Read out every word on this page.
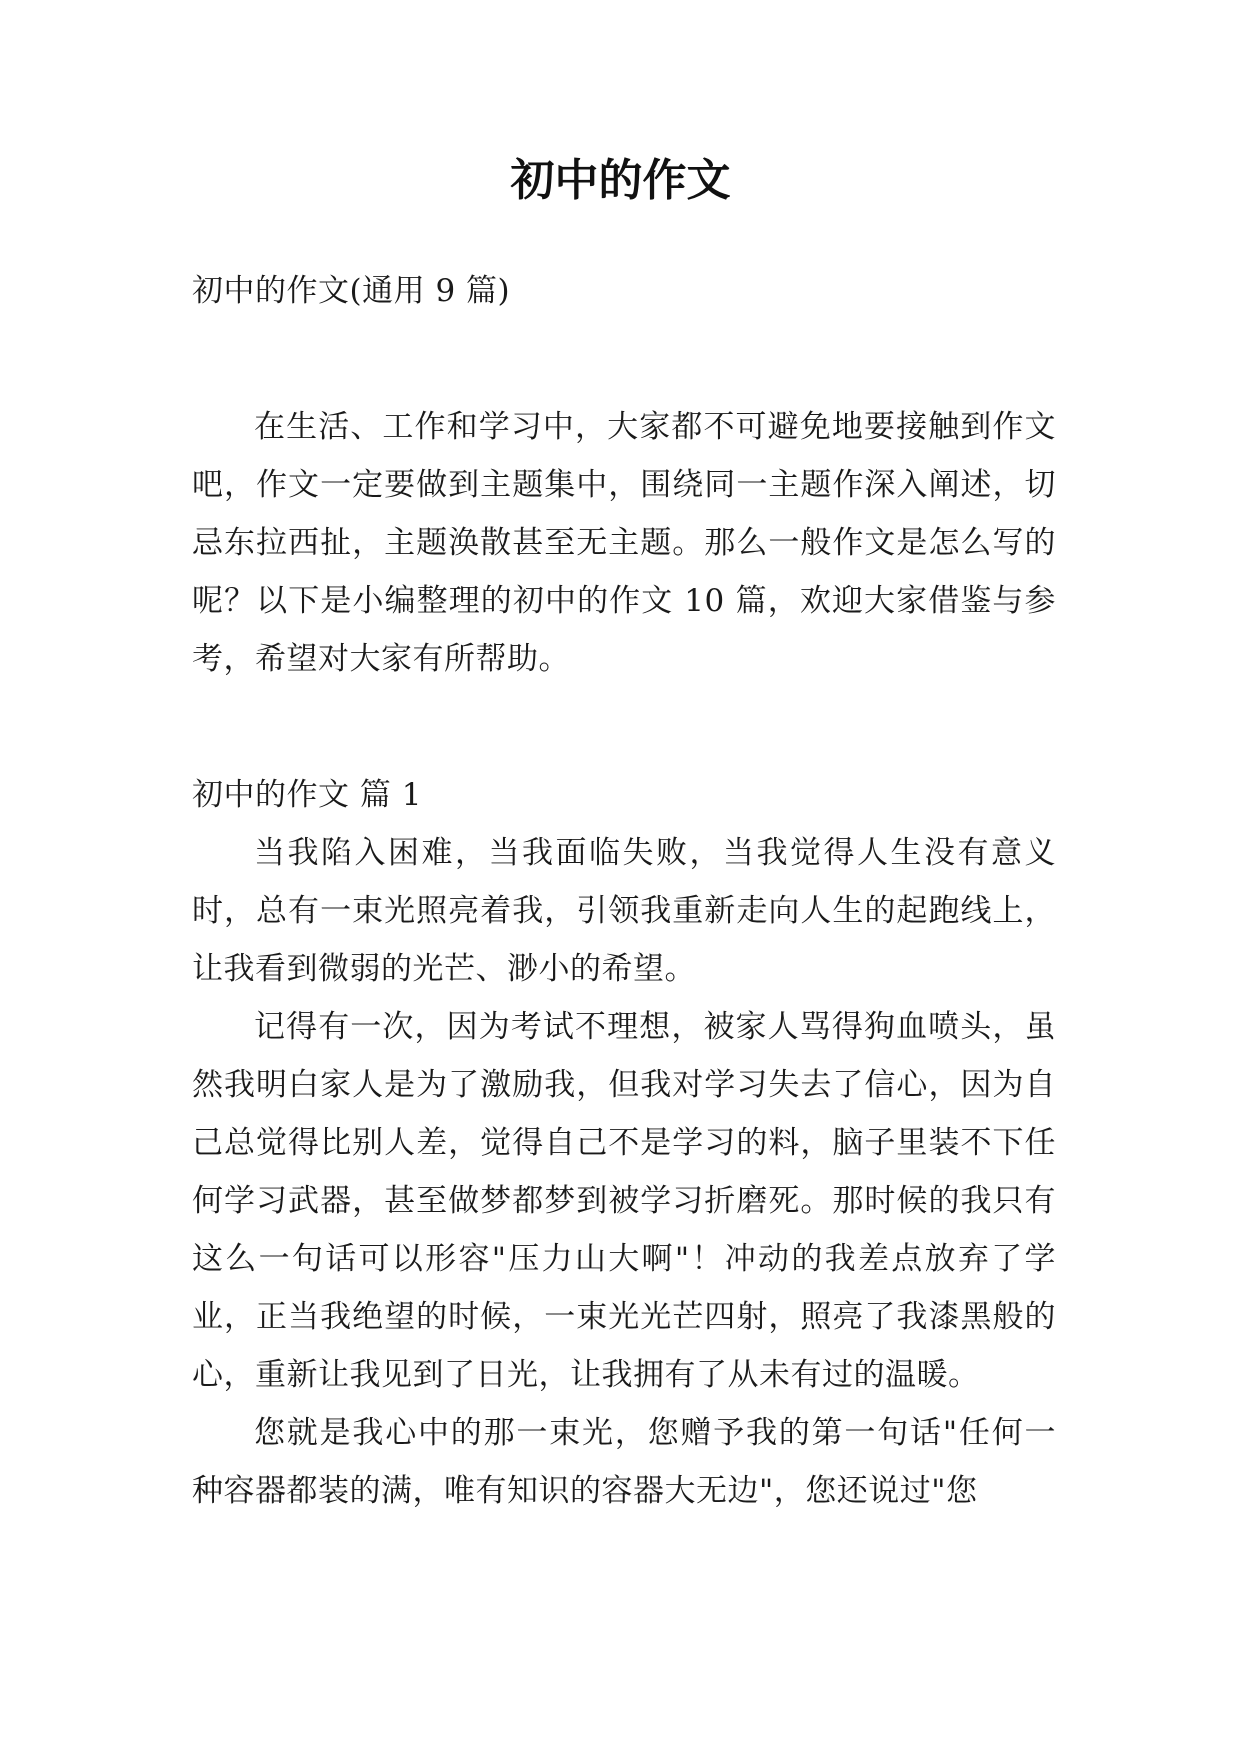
初中的作文

初中的作文(通用 9 篇)

在生活、工作和学习中，大家都不可避免地要接触到作文吧，作文一定要做到主题集中，围绕同一主题作深入阐述，切忌东拉西扯，主题涣散甚至无主题。那么一般作文是怎么写的呢？以下是小编整理的初中的作文 10 篇，欢迎大家借鉴与参考，希望对大家有所帮助。

初中的作文 篇 1

当我陷入困难，当我面临失败，当我觉得人生没有意义时，总有一束光照亮着我，引领我重新走向人生的起跑线上，让我看到微弱的光芒、渺小的希望。

记得有一次，因为考试不理想，被家人骂得狗血喷头，虽然我明白家人是为了激励我，但我对学习失去了信心，因为自己总觉得比别人差，觉得自己不是学习的料，脑子里装不下任何学习武器，甚至做梦都梦到被学习折磨死。那时候的我只有这么一句话可以形容"压力山大啊"！冲动的我差点放弃了学业，正当我绝望的时候，一束光光芒四射，照亮了我漆黑般的心，重新让我见到了日光，让我拥有了从未有过的温暖。

您就是我心中的那一束光，您赠予我的第一句话"任何一种容器都装的满，唯有知识的容器大无边"，您还说过"您
